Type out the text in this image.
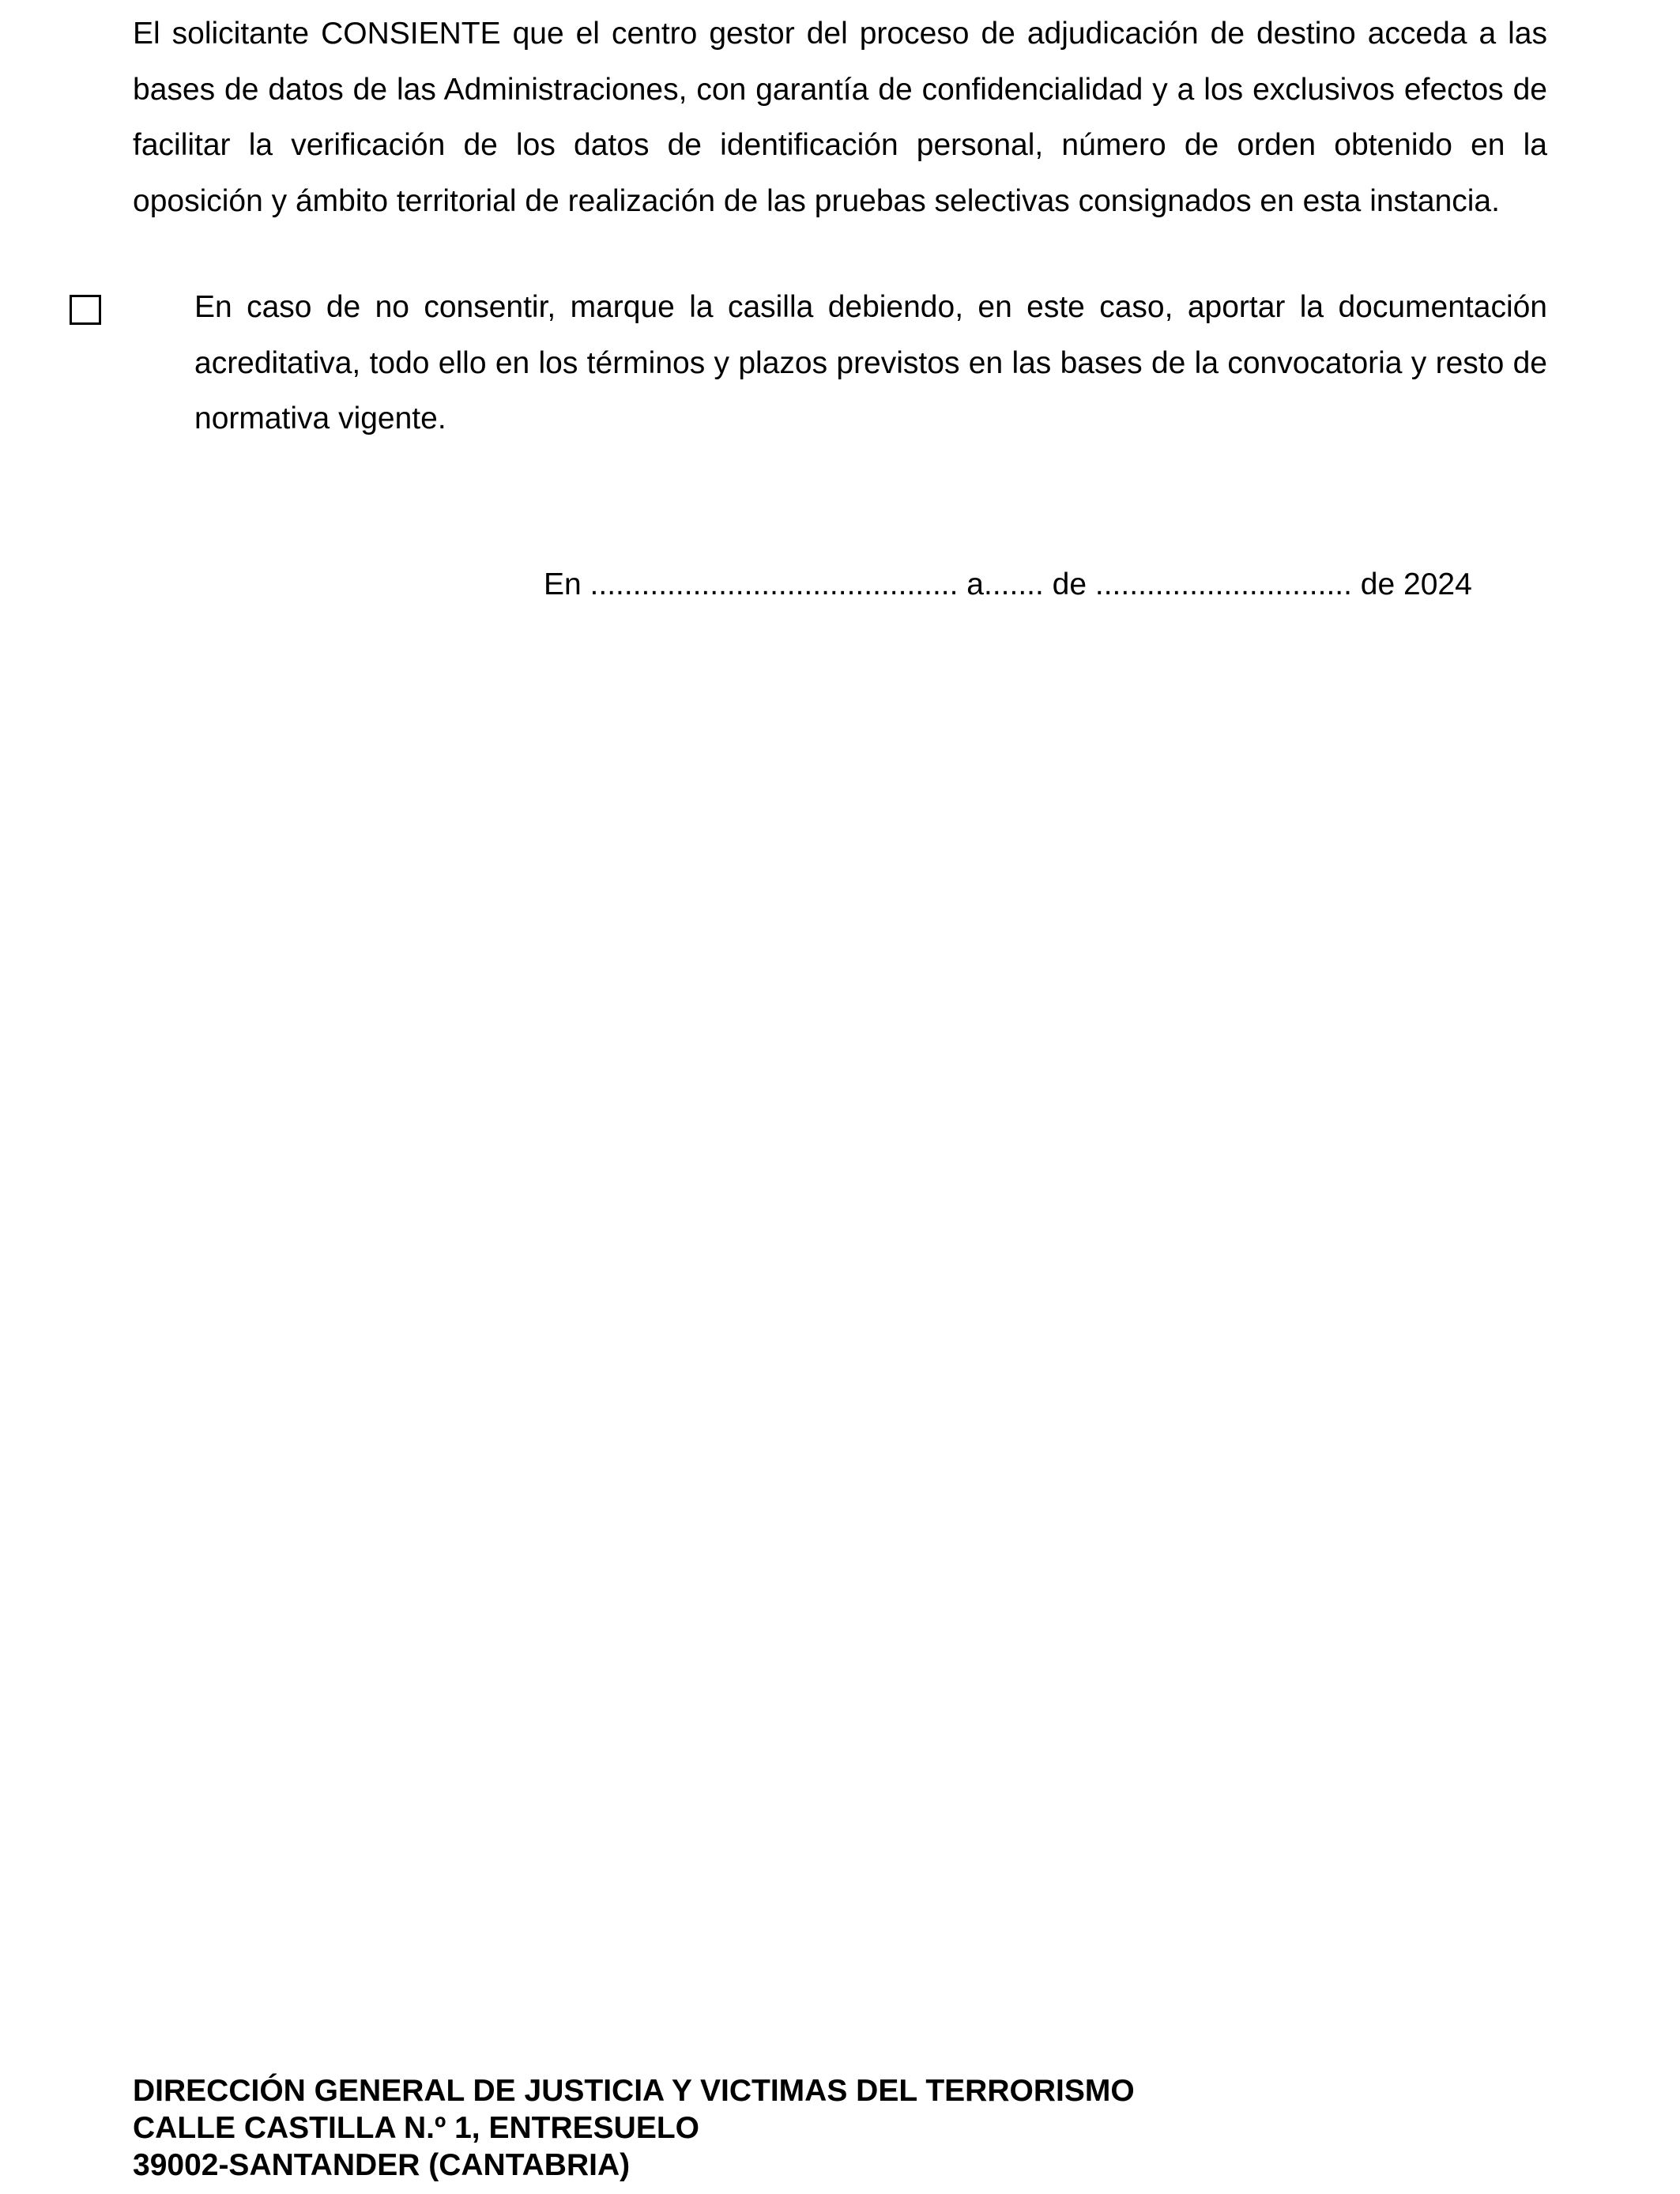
El solicitante CONSIENTE que el centro gestor del proceso de adjudicación de destino acceda a las bases de datos de las Administraciones, con garantía de confidencialidad y a los exclusivos efectos de facilitar la verificación de los datos de identificación personal, número de orden obtenido en la oposición y ámbito territorial de realización de las pruebas selectivas consignados en esta instancia.

En caso de no consentir, marque la casilla debiendo, en este caso, aportar la documentación acreditativa, todo ello en los términos y plazos previstos en las bases de la convocatoria y resto de normativa vigente.

En ........................................... a....... de .............................. de 2024

DIRECCIÓN GENERAL DE JUSTICIA Y VICTIMAS DEL TERRORISMO
CALLE CASTILLA N.º 1, ENTRESUELO
39002-SANTANDER (CANTABRIA)
